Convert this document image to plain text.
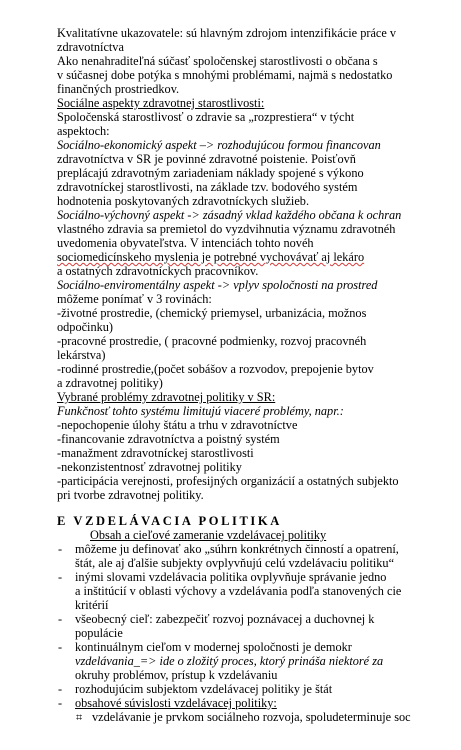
Kvalitatívne ukazovatele: sú hlavným zdrojom intenzifikácie práce v
zdravotníctva
Ako nenahraditeľná súčasť spoločenskej starostlivosti o občana s
v súčasnej dobe potýka s mnohými problémami, najmä s nedostatko
finančných prostriedkov.
Sociálne aspekty zdravotnej starostlivosti:
Spoločenská starostlivosť o zdravie sa „rozprestiera“ v týcht
aspektoch:
Sociálno-ekonomický aspekt –> rozhodujúcou formou financovan
zdravotníctva v SR je povinné zdravotné poistenie. Poisťovň
preplácajú zdravotným zariadeniam náklady spojené s výkono
zdravotníckej starostlivosti, na základe tzv. bodového systém
hodnotenia poskytovaných zdravotníckych služieb.
Sociálno-výchovný aspekt -> zásadný vklad každého občana k ochran
vlastného zdravia sa premietol do vyzdvihnutia významu zdravotnéh
uvedomenia obyvateľstva. V intenciách tohto novéh
sociomedicínskeho myslenia je potrebné vychovávať aj lekáro
a ostatných zdravotníckych pracovníkov.
Sociálno-enviromentálny aspekt -> vplyv spoločnosti na prostred
môžeme ponímať v 3 rovinách:
-životné prostredie, (chemický priemysel, urbanizácia, možnos
odpočinku)
-pracovné prostredie, ( pracovné podmienky, rozvoj pracovnéh
lekárstva)
-rodinné prostredie,(počet sobášov a rozvodov, prepojenie bytov
a zdravotnej politiky)
Vybrané problémy zdravotnej politiky v SR:
Funkčnosť tohto systému limitujú viaceré problémy, napr.:
-nepochopenie úlohy štátu a trhu v zdravotníctve
-financovanie zdravotníctva a poistný systém
-manažment zdravotníckej starostlivosti
-nekonzistentnosť zdravotnej politiky
-participácia verejnosti, profesijných organizácií a ostatných subjekto
pri tvorbe zdravotnej politiky.
E VZDELÁVACIA POLITIKA
Obsah a cieľové zameranie vzdelávacej politiky
- môžeme ju definovať ako „súhrn konkrétnych činností a opatrení,
štát, ale aj ďalšie subjekty ovplyvňujú celú vzdelávaciu politiku“
- inými slovami vzdelávacia politika ovplyvňuje správanie jedno
a inštitúcií v oblasti výchovy a vzdelávania podľa stanovených cie
kritérií
- všeobecný cieľ: zabezpečiť rozvoj poznávacej a duchovnej k
populácie
- kontinuálnym cieľom v modernej spoločnosti je demokr
vzdelávania_=> ide o zložitý proces, ktorý prináša niektoré za
okruhy problémov, prístup k vzdelávaniu
- rozhodujúcim subjektom vzdelávacej politiky je štát
- obsahové súvislosti vzdelávacej politiky:
⌗ vzdelávanie je prvkom sociálneho rozvoja, spoludeterminuje soc
